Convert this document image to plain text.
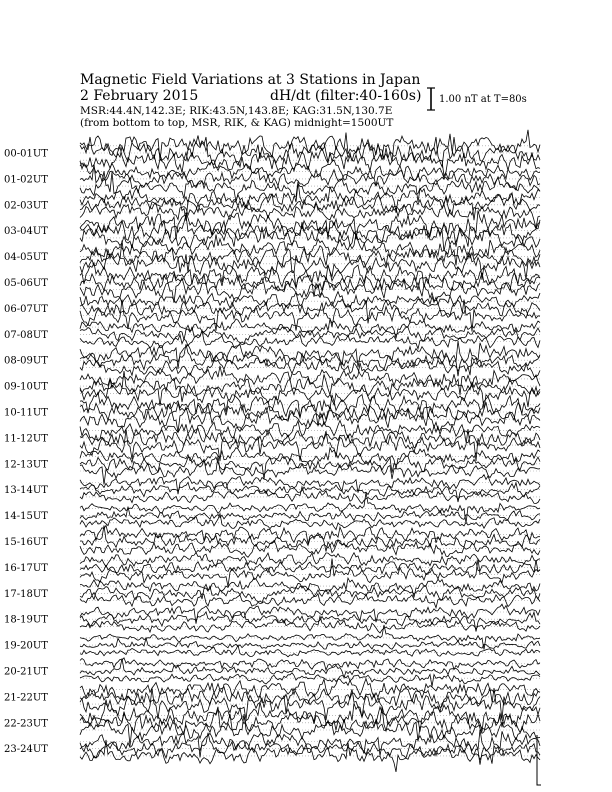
Magnetic Field Variations at 3 Stations in Japan
2 February 2015	dH/dt (filter:40-160s)
MSR:44.4N,142.3E; RIK:43.5N,143.8E; KAG:31.5N,130.7E
(from bottom to top, MSR, RIK, & KAG) midnight=1500UT
1.00 nT at T=80s
00-01UT
01-02UT
02-03UT
03-04UT
04-05UT
05-06UT
06-07UT
07-08UT
08-09UT
09-10UT
10-11UT
11-12UT
12-13UT
13-14UT
14-15UT
15-16UT
16-17UT
17-18UT
18-19UT
19-20UT
20-21UT
21-22UT
22-23UT
23-24UT
